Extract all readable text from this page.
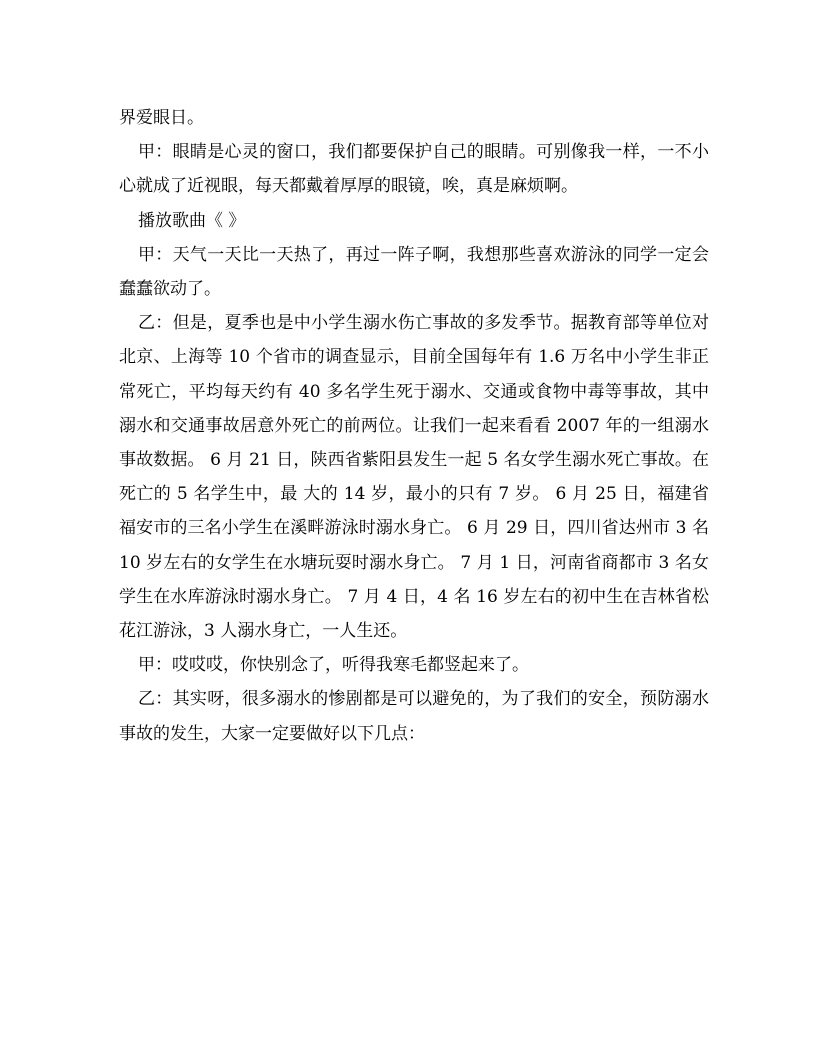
界爱眼日。

甲：眼睛是心灵的窗口，我们都要保护自己的眼睛。可别像我一样，一不小心就成了近视眼，每天都戴着厚厚的眼镜，唉，真是麻烦啊。

播放歌曲《 》

甲：天气一天比一天热了，再过一阵子啊，我想那些喜欢游泳的同学一定会蠢蠢欲动了。

乙：但是，夏季也是中小学生溺水伤亡事故的多发季节。据教育部等单位对北京、上海等 10 个省市的调查显示，目前全国每年有 1.6 万名中小学生非正常死亡，平均每天约有 40 多名学生死于溺水、交通或食物中毒等事故，其中溺水和交通事故居意外死亡的前两位。让我们一起来看看 2007 年的一组溺水事故数据。 6 月 21 日，陕西省紫阳县发生一起 5 名女学生溺水死亡事故。在死亡的 5 名学生中，最 大的 14 岁，最小的只有 7 岁。 6 月 25 日，福建省福安市的三名小学生在溪畔游泳时溺水身亡。 6 月 29 日，四川省达州市 3 名 10 岁左右的女学生在水塘玩耍时溺水身亡。 7 月 1 日，河南省商都市 3 名女学生在水库游泳时溺水身亡。 7 月 4 日，4 名 16 岁左右的初中生在吉林省松花江游泳，3 人溺水身亡，一人生还。

甲：哎哎哎，你快别念了，听得我寒毛都竖起来了。

乙：其实呀，很多溺水的惨剧都是可以避免的，为了我们的安全，预防溺水事故的发生，大家一定要做好以下几点：
